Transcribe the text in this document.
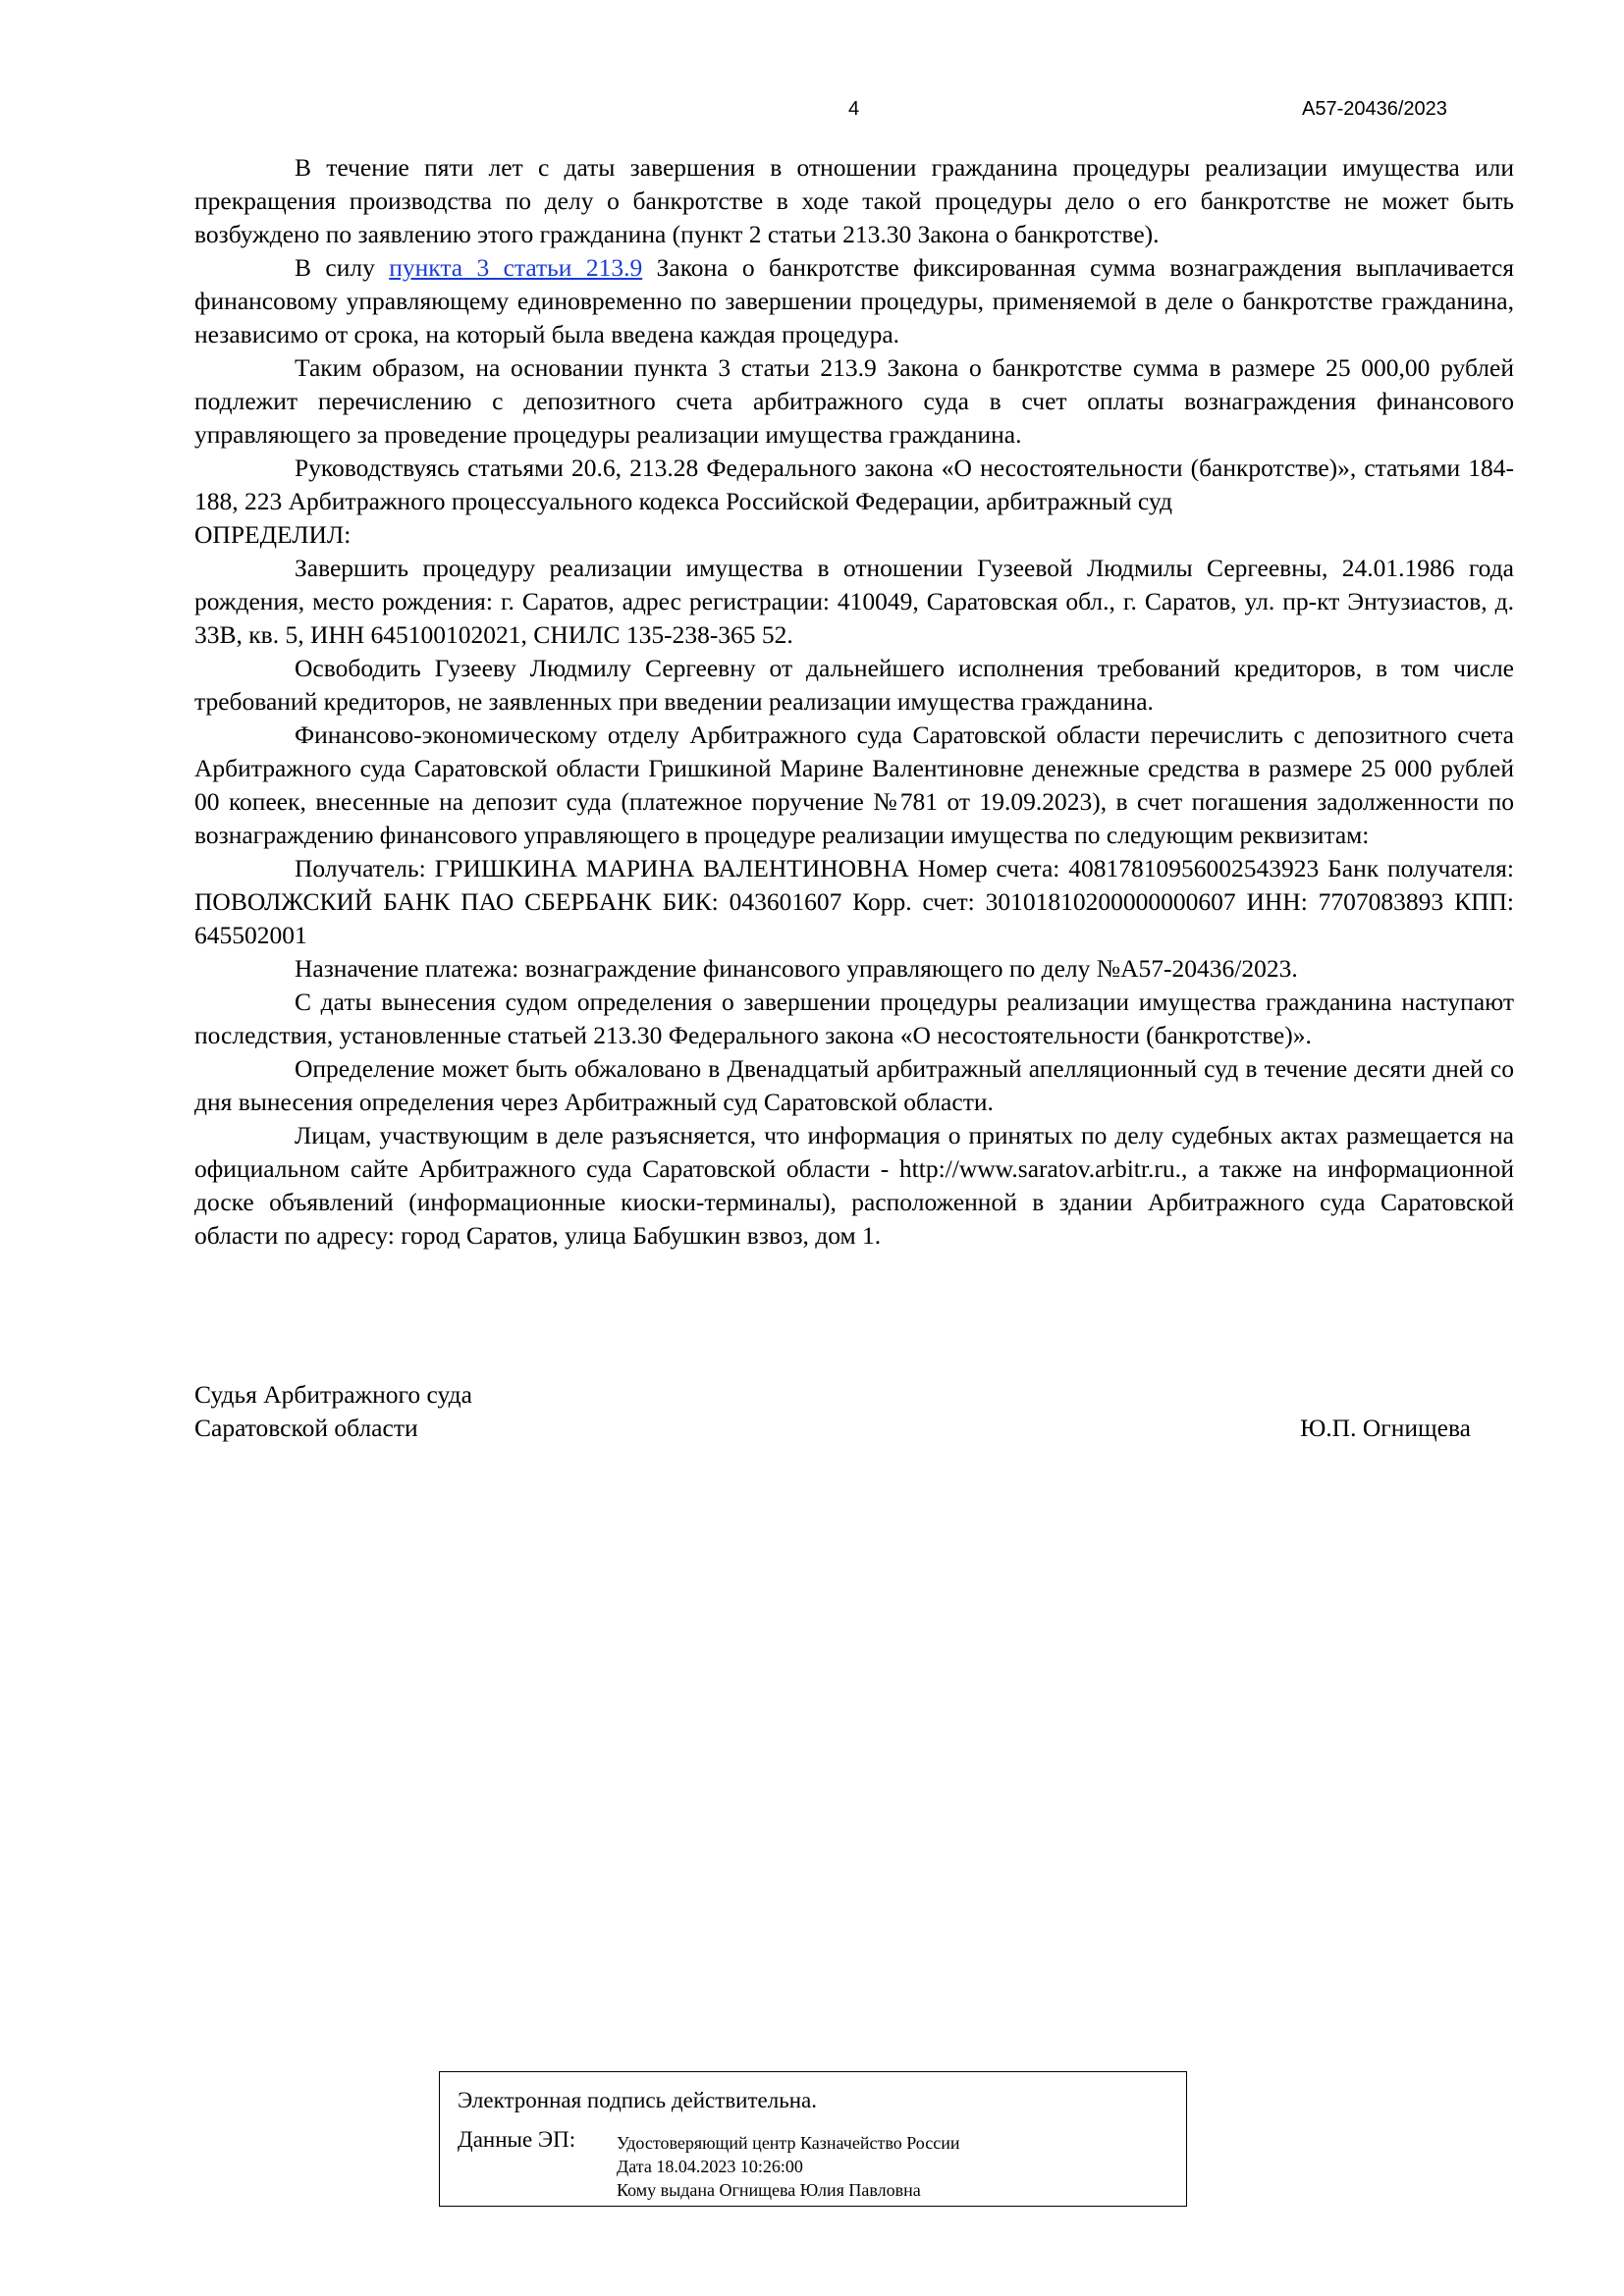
4	А57-20436/2023

В течение пяти лет с даты завершения в отношении гражданина процедуры реализации имущества или прекращения производства по делу о банкротстве в ходе такой процедуры дело о его банкротстве не может быть возбуждено по заявлению этого гражданина (пункт 2 статьи 213.30 Закона о банкротстве).

В силу пункта 3 статьи 213.9 Закона о банкротстве фиксированная сумма вознаграждения выплачивается финансовому управляющему единовременно по завершении процедуры, применяемой в деле о банкротстве гражданина, независимо от срока, на который была введена каждая процедура.

Таким образом, на основании пункта 3 статьи 213.9 Закона о банкротстве сумма в размере 25 000,00 рублей подлежит перечислению с депозитного счета арбитражного суда в счет оплаты вознаграждения финансового управляющего за проведение процедуры реализации имущества гражданина.

Руководствуясь статьями 20.6, 213.28 Федерального закона «О несостоятельности (банкротстве)», статьями 184-188, 223 Арбитражного процессуального кодекса Российской Федерации, арбитражный суд

ОПРЕДЕЛИЛ:

Завершить процедуру реализации имущества в отношении Гузеевой Людмилы Сергеевны, 24.01.1986 года рождения, место рождения: г. Саратов, адрес регистрации: 410049, Саратовская обл., г. Саратов, ул. пр-кт Энтузиастов, д. 33В, кв. 5, ИНН 645100102021, СНИЛС 135-238-365 52.

Освободить Гузееву Людмилу Сергеевну от дальнейшего исполнения требований кредиторов, в том числе требований кредиторов, не заявленных при введении реализации имущества гражданина.

Финансово-экономическому отделу Арбитражного суда Саратовской области перечислить с депозитного счета Арбитражного суда Саратовской области Гришкиной Марине Валентиновне денежные средства в размере 25 000 рублей 00 копеек, внесенные на депозит суда (платежное поручение №781 от 19.09.2023), в счет погашения задолженности по вознаграждению финансового управляющего в процедуре реализации имущества по следующим реквизитам:

Получатель: ГРИШКИНА МАРИНА ВАЛЕНТИНОВНА Номер счета: 40817810956002543923 Банк получателя: ПОВОЛЖСКИЙ БАНК ПАО СБЕРБАНК БИК: 043601607 Корр. счет: 30101810200000000607 ИНН: 7707083893 КПП: 645502001

Назначение платежа: вознаграждение финансового управляющего по делу №А57-20436/2023.

С даты вынесения судом определения о завершении процедуры реализации имущества гражданина наступают последствия, установленные статьей 213.30 Федерального закона «О несостоятельности (банкротстве)».

Определение может быть обжаловано в Двенадцатый арбитражный апелляционный суд в течение десяти дней со дня вынесения определения через Арбитражный суд Саратовской области.

Лицам, участвующим в деле разъясняется, что информация о принятых по делу судебных актах размещается на официальном сайте Арбитражного суда Саратовской области - http://www.saratov.arbitr.ru., а также на информационной доске объявлений (информационные киоски-терминалы), расположенной в здании Арбитражного суда Саратовской области по адресу: город Саратов, улица Бабушкин взвоз, дом 1.

Судья Арбитражного суда
Саратовской области	Ю.П. Огнищева
Электронная подпись действительна.
Данные ЭП: Удостоверяющий центр Казначейство России
Дата 18.04.2023 10:26:00
Кому выдана Огнищева Юлия Павловна
